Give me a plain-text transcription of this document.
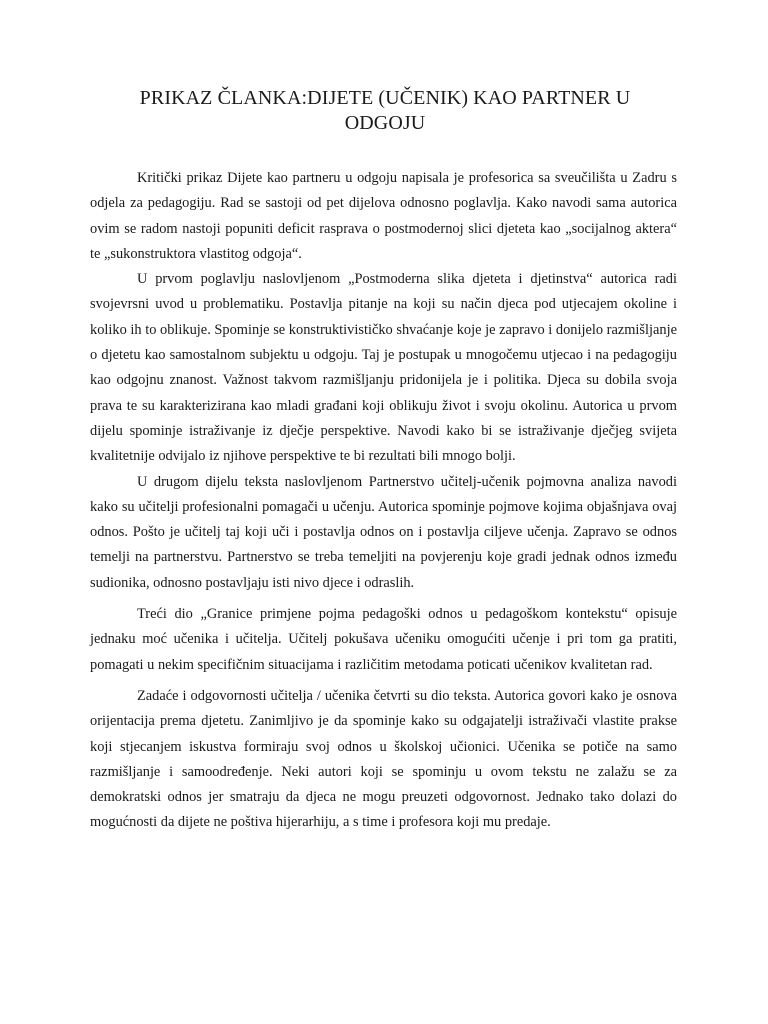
PRIKAZ ČLANKA:DIJETE (UČENIK) KAO PARTNER U ODGOJU

Kritički prikaz Dijete kao partneru u odgoju napisala je profesorica sa sveučilišta u Zadru s odjela za pedagogiju. Rad se sastoji od pet dijelova odnosno poglavlja. Kako navodi sama autorica ovim se radom nastoji popuniti deficit rasprava o postmodernoj slici djeteta kao „socijalnog aktera“ te „sukonstruktora vlastitog odgoja“.

U prvom poglavlju naslovljenom „Postmoderna slika djeteta i djetinstva“ autorica radi svojevrsni uvod u problematiku. Postavlja pitanje na koji su način djeca pod utjecajem okoline i koliko ih to oblikuje. Spominje se konstruktivističko shvaćanje koje je zapravo i donijelo razmišljanje o djetetu kao samostalnom subjektu u odgoju. Taj je postupak u mnogočemu utjecao i na pedagogiju kao odgojnu znanost. Važnost takvom razmišljanju pridonijela je i politika. Djeca su dobila svoja prava te su karakterizirana kao mladi građani koji oblikuju život i svoju okolinu. Autorica u prvom dijelu spominje istraživanje iz dječje perspektive. Navodi kako bi se istraživanje dječjeg svijeta kvalitetnije odvijalo iz njihove perspektive te bi rezultati bili mnogo bolji.

U drugom dijelu teksta naslovljenom Partnerstvo učitelj-učenik pojmovna analiza navodi kako su učitelji profesionalni pomagači u učenju. Autorica spominje pojmove kojima objašnjava ovaj odnos. Pošto je učitelj taj koji uči i postavlja odnos on i postavlja ciljeve učenja. Zapravo se odnos temelji na partnerstvu. Partnerstvo se treba temeljiti na povjerenju koje gradi jednak odnos između sudionika, odnosno postavljaju isti nivo djece i odraslih.

Treći dio „Granice primjene pojma pedagoški odnos u pedagoškom kontekstu“ opisuje jednaku moć učenika i učitelja. Učitelj pokušava učeniku omogućiti učenje i pri tom ga pratiti, pomagati u nekim specifičnim situacijama i različitim metodama poticati učenikov kvalitetan rad.

Zadaće i odgovornosti učitelja / učenika četvrti su dio teksta. Autorica govori kako je osnova orijentacija prema djetetu. Zanimljivo je da spominje kako su odgajatelji istraživači vlastite prakse koji stjecanjem iskustva formiraju svoj odnos u školskoj učionici. Učenika se potiče na samo razmišljanje i samoodređenje. Neki autori koji se spominju u ovom tekstu ne zalažu se za demokratski odnos jer smatraju da djeca ne mogu preuzeti odgovornost. Jednako tako dolazi do mogućnosti da dijete ne poštiva hijerarhiju, a s time i profesora koji mu predaje.
